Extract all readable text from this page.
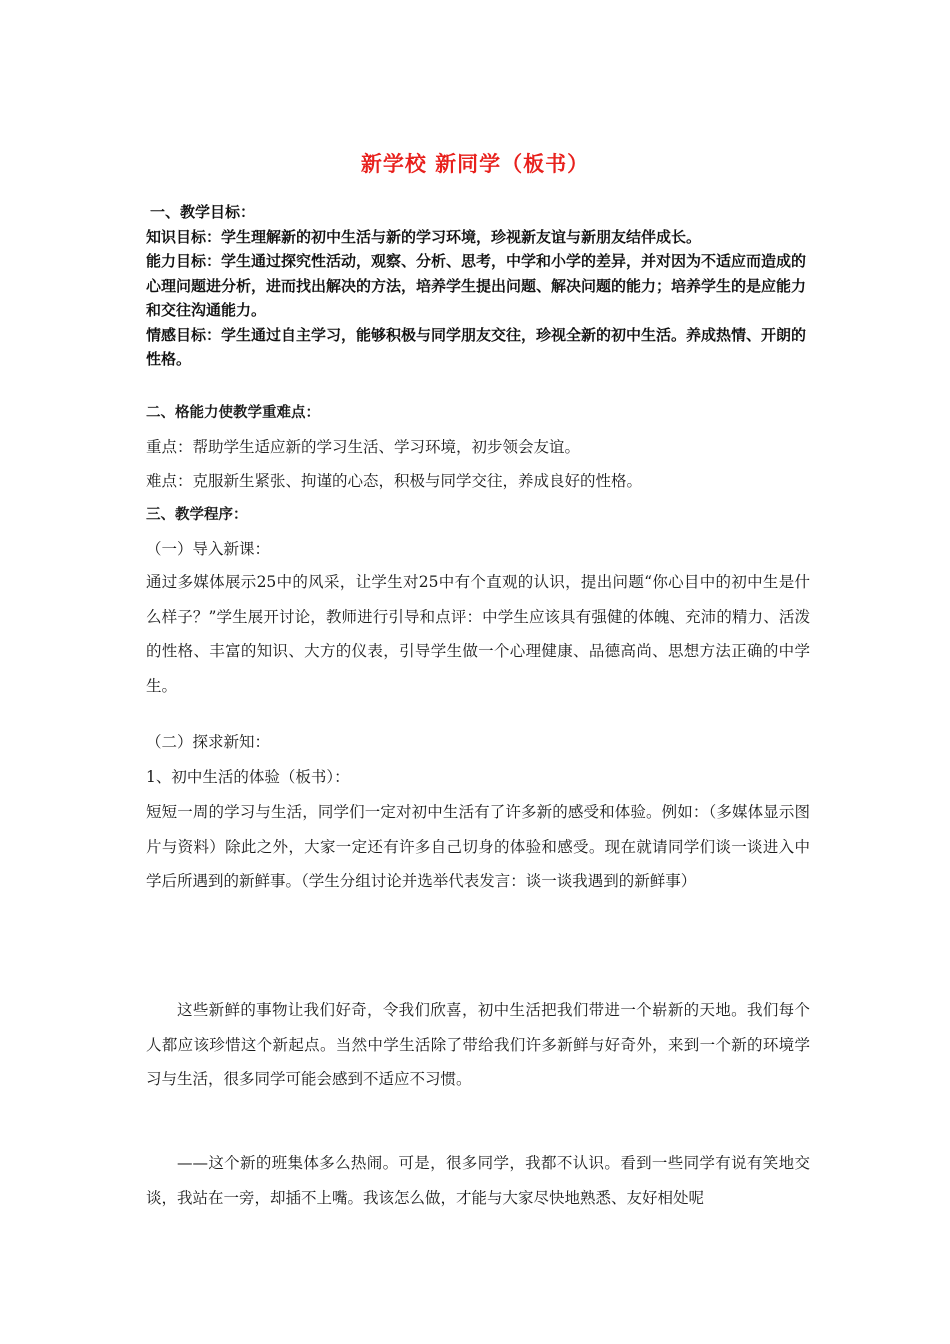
新学校 新同学（板书）

一、教学目标：

知识目标：学生理解新的初中生活与新的学习环境，珍视新友谊与新朋友结伴成长。

能力目标：学生通过探究性活动，观察、分析、思考，中学和小学的差异，并对因为不适应而造成的心理问题进分析，进而找出解决的方法，培养学生提出问题、解决问题的能力；培养学生的是应能力和交往沟通能力。

情感目标：学生通过自主学习，能够积极与同学朋友交往，珍视全新的初中生活。养成热情、开朗的性格。

二、格能力使教学重难点：

重点：帮助学生适应新的学习生活、学习环境，初步领会友谊。

难点：克服新生紧张、拘谨的心态，积极与同学交往，养成良好的性格。

三、教学程序：

（一）导入新课：

通过多媒体展示25中的风采，让学生对25中有个直观的认识，提出问题“你心目中的初中生是什么样子？”学生展开讨论，教师进行引导和点评：中学生应该具有强健的体魄、充沛的精力、活泼的性格、丰富的知识、大方的仪表，引导学生做一个心理健康、品德高尚、思想方法正确的中学生。

（二）探求新知：

1、初中生活的体验（板书）：

短短一周的学习与生活，同学们一定对初中生活有了许多新的感受和体验。例如：（多媒体显示图片与资料）除此之外，大家一定还有许多自己切身的体验和感受。现在就请同学们谈一谈进入中学后所遇到的新鲜事。（学生分组讨论并选举代表发言：谈一谈我遇到的新鲜事）

这些新鲜的事物让我们好奇，令我们欣喜，初中生活把我们带进一个崭新的天地。我们每个人都应该珍惜这个新起点。当然中学生活除了带给我们许多新鲜与好奇外，来到一个新的环境学习与生活，很多同学可能会感到不适应不习惯。

——这个新的班集体多么热闹。可是，很多同学，我都不认识。看到一些同学有说有笑地交谈，我站在一旁，却插不上嘴。我该怎么做，才能与大家尽快地熟悉、友好相处呢
